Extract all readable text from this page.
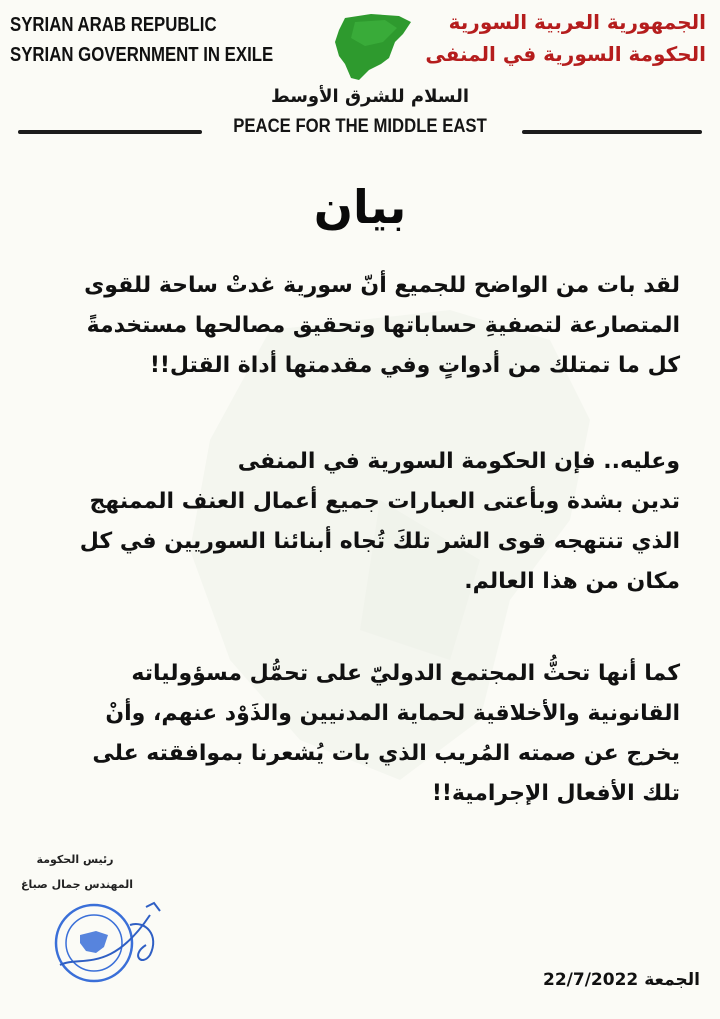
SYRIAN ARAB REPUBLIC
SYRIAN GOVERNMENT IN EXILE
الجمهورية العربية السورية
الحكومة السورية في المنفى
السلام للشرق الأوسط
PEACE FOR THE MIDDLE EAST
بيان
لقد بات من الواضح للجميع أنّ سورية غدتْ ساحة للقوى
المتصارعة لتصفيةِ حساباتها وتحقيق مصالحها مستخدمةً
كل ما تمتلك من أدواتٍ وفي مقدمتها أداة القتل!!
وعليه.. فإن الحكومة السورية في المنفى
تدين بشدة وبأعتى العبارات جميع أعمال العنف الممنهج
الذي تنتهجه قوى الشر تلكَ تُجاه أبنائنا السوريين في كل
مكان من هذا العالم.
كما أنها تحثُّ المجتمع الدوليّ على تحمُّل مسؤولياته
القانونية والأخلاقية لحماية المدنيين والذَوْد عنهم، وأنْ
يخرج عن صمته المُريب الذي بات يُشعرنا بموافقته على
تلك الأفعال الإجرامية!!
رئيس الحكومة
المهندس جمال صباغ
الجمعة22/7/2022
